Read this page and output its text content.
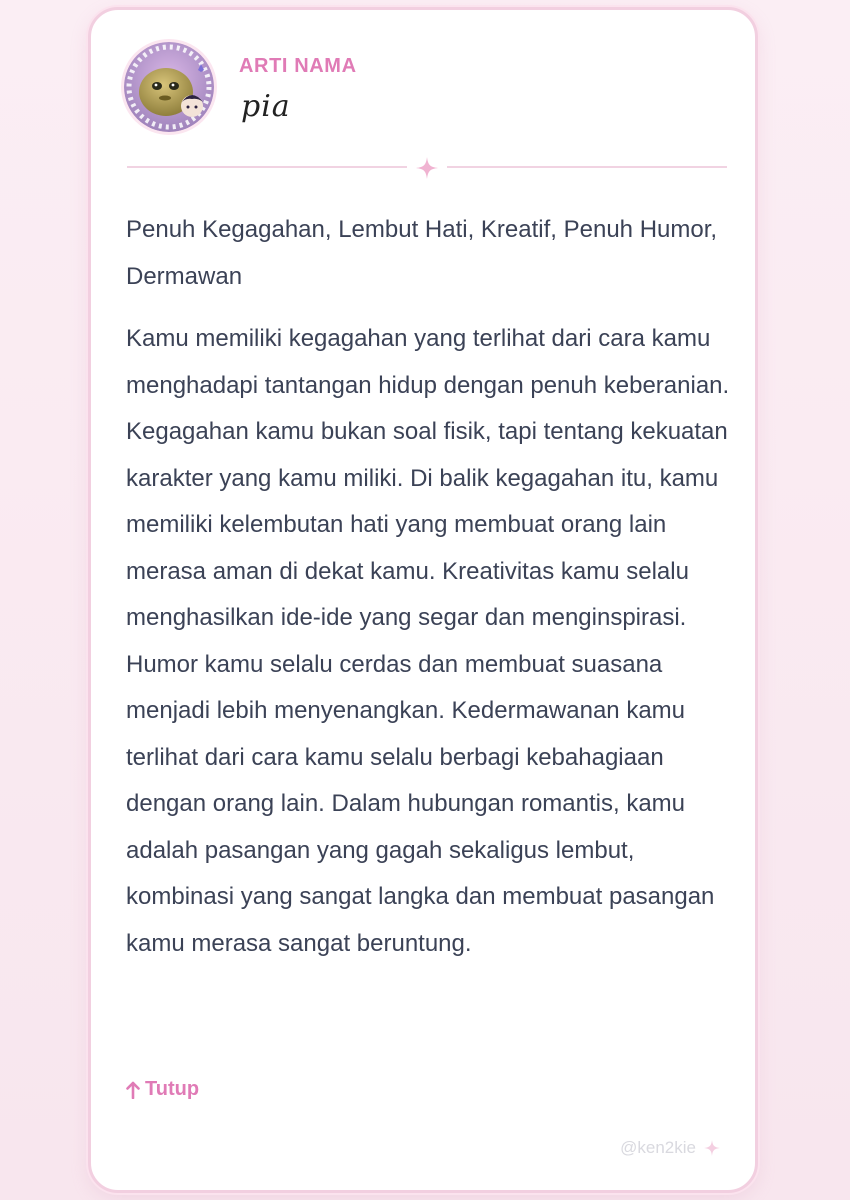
ARTI NAMA
pia
Penuh Kegagahan, Lembut Hati, Kreatif, Penuh Humor, Dermawan
Kamu memiliki kegagahan yang terlihat dari cara kamu menghadapi tantangan hidup dengan penuh keberanian. Kegagahan kamu bukan soal fisik, tapi tentang kekuatan karakter yang kamu miliki. Di balik kegagahan itu, kamu memiliki kelembutan hati yang membuat orang lain merasa aman di dekat kamu. Kreativitas kamu selalu menghasilkan ide-ide yang segar dan menginspirasi. Humor kamu selalu cerdas dan membuat suasana menjadi lebih menyenangkan. Kedermawanan kamu terlihat dari cara kamu selalu berbagi kebahagiaan dengan orang lain. Dalam hubungan romantis, kamu adalah pasangan yang gagah sekaligus lembut, kombinasi yang sangat langka dan membuat pasangan kamu merasa sangat beruntung.
Tutup
@ken2kie
